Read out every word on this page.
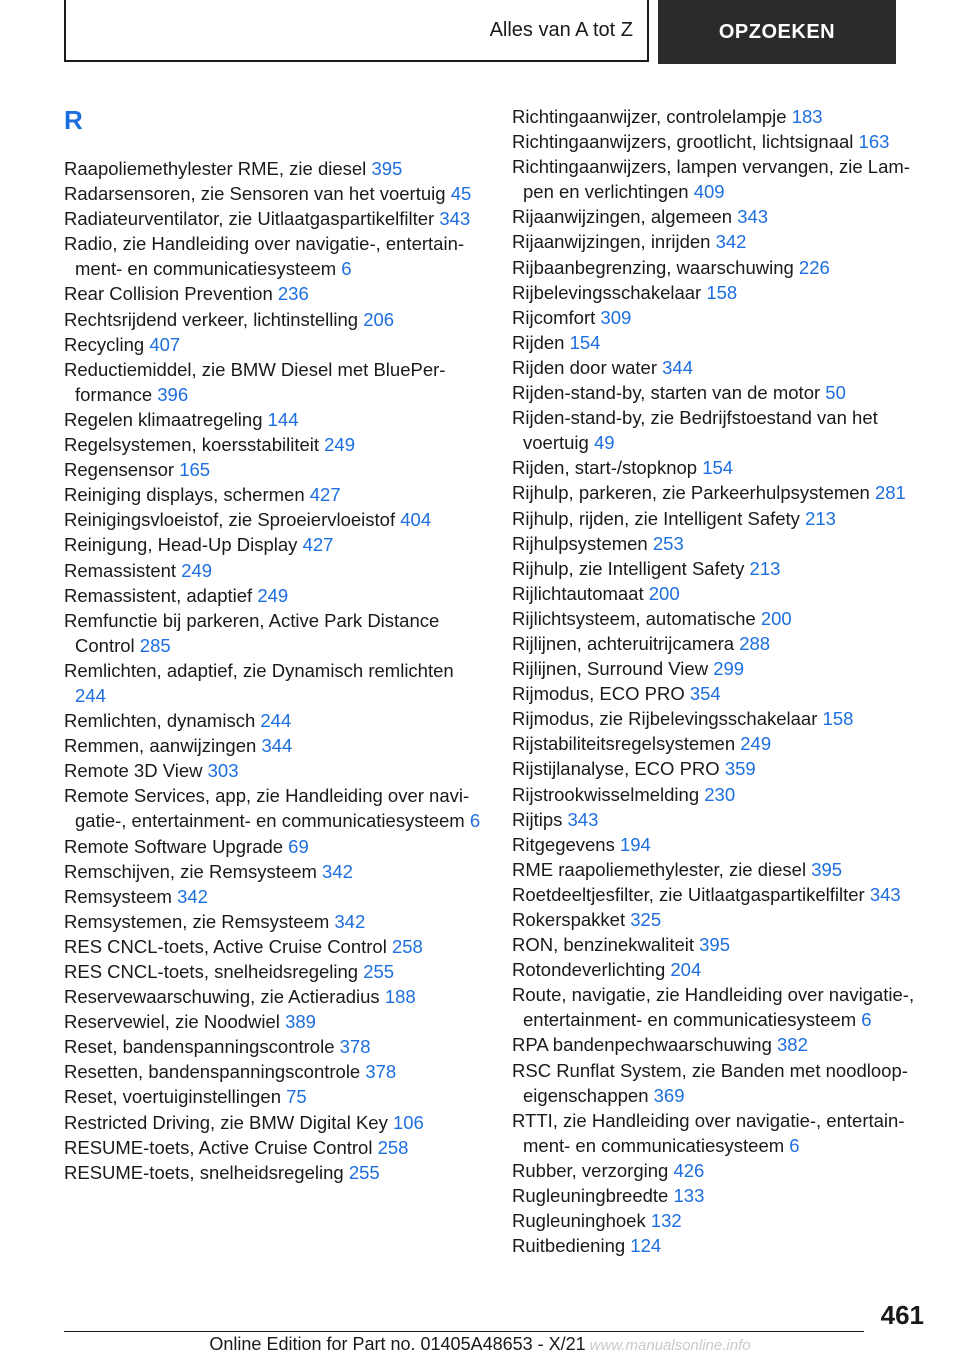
Alles van A tot Z	OPZOEKEN
R
Raapoliemethylester RME, zie diesel 395
Radarsensoren, zie Sensoren van het voertuig 45
Radiateurventilator, zie Uitlaatgaspartikelfilter 343
Radio, zie Handleiding over navigatie-, entertainment- en communicatiesysteem 6
Rear Collision Prevention 236
Rechtsrijdend verkeer, lichtinstelling 206
Recycling 407
Reductiemiddel, zie BMW Diesel met BluePerformance 396
Regelen klimaatregeling 144
Regelsystemen, koersstabiliteit 249
Regensensor 165
Reiniging displays, schermen 427
Reinigingsvloeistof, zie Sproeiervloeistof 404
Reinigung, Head-Up Display 427
Remassistent 249
Remassistent, adaptief 249
Remfunctie bij parkeren, Active Park Distance Control 285
Remlichten, adaptief, zie Dynamisch remlichten 244
Remlichten, dynamisch 244
Remmen, aanwijzingen 344
Remote 3D View 303
Remote Services, app, zie Handleiding over navigatie-, entertainment- en communicatiesysteem 6
Remote Software Upgrade 69
Remschijven, zie Remsysteem 342
Remsysteem 342
Remsystemen, zie Remsysteem 342
RES CNCL-toets, Active Cruise Control 258
RES CNCL-toets, snelheidsregeling 255
Reservewaarschuwing, zie Actieradius 188
Reservewiel, zie Noodwiel 389
Reset, bandenspanningscontrole 378
Resetten, bandenspanningscontrole 378
Reset, voertuiginstellingen 75
Restricted Driving, zie BMW Digital Key 106
RESUME-toets, Active Cruise Control 258
RESUME-toets, snelheidsregeling 255
Richtingaanwijzer, controlelampje 183
Richtingaanwijzers, grootlicht, lichtsignaal 163
Richtingaanwijzers, lampen vervangen, zie Lampen en verlichtingen 409
Rijaanwijzingen, algemeen 343
Rijaanwijzingen, inrijden 342
Rijbaanbegrenzing, waarschuwing 226
Rijbelevingsschakelaar 158
Rijcomfort 309
Rijden 154
Rijden door water 344
Rijden-stand-by, starten van de motor 50
Rijden-stand-by, zie Bedrijfstoestand van het voertuig 49
Rijden, start-/stopknop 154
Rijhulp, parkeren, zie Parkeerhulpsystemen 281
Rijhulp, rijden, zie Intelligent Safety 213
Rijhulpsystemen 253
Rijhulp, zie Intelligent Safety 213
Rijlichtautomaat 200
Rijlichtsysteem, automatische 200
Rijlijnen, achteruitrijcamera 288
Rijlijnen, Surround View 299
Rijmodus, ECO PRO 354
Rijmodus, zie Rijbelevingsschakelaar 158
Rijstabiliteitsregelsystemen 249
Rijstijlanalyse, ECO PRO 359
Rijstrookwisselmelding 230
Rijtips 343
Ritgegevens 194
RME raapoliemethylester, zie diesel 395
Roetdeeltjesfilter, zie Uitlaatgaspartikelfilter 343
Rokerspakket 325
RON, benzinekwaliteit 395
Rotondeverlichting 204
Route, navigatie, zie Handleiding over navigatie-, entertainment- en communicatiesysteem 6
RPA bandenpechwaarschuwing 382
RSC Runflat System, zie Banden met noodloopeigenschappen 369
RTTI, zie Handleiding over navigatie-, entertainment- en communicatiesysteem 6
Rubber, verzorging 426
Rugleuningbreedte 133
Rugleuninghoek 132
Ruitbediening 124
461
Online Edition for Part no. 01405A48653 - X/21 www.manualsonline.info
